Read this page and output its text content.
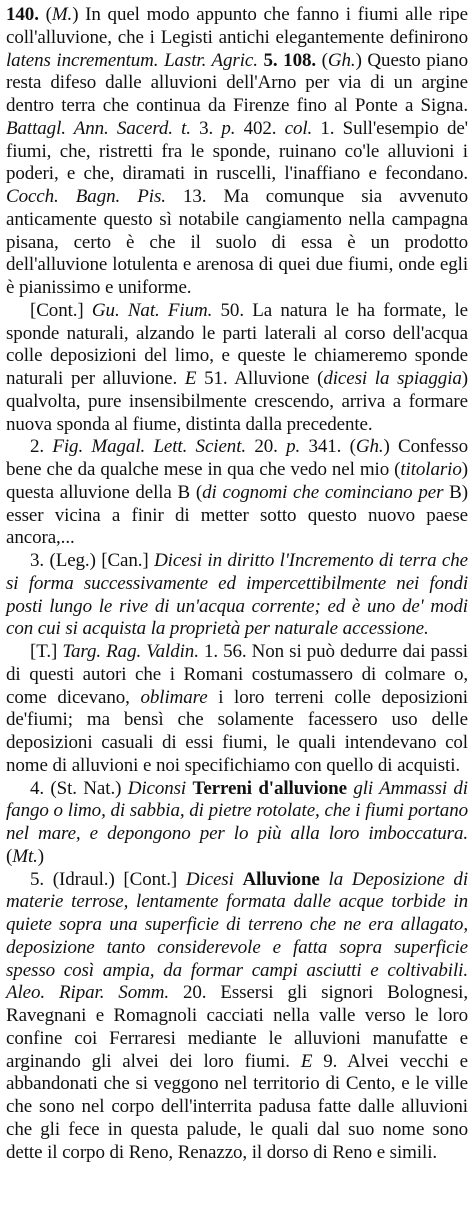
140. (M.) In quel modo appunto che fanno i fiumi alle ripe coll'alluvione, che i Legisti antichi elegantemente definirono latens incrementum. Lastr. Agric. 5. 108. (Gh.) Questo piano resta difeso dalle alluvioni dell'Arno per via di un argine dentro terra che continua da Firenze fino al Ponte a Signa. Battagl. Ann. Sacerd. t. 3. p. 402. col. 1. Sull'esempio de' fiumi, che, ristretti fra le sponde, ruinano co'le alluvioni i poderi, e che, diramati in ruscelli, l'inaffiano e fecondano. Cocch. Bagn. Pis. 13. Ma comunque sia avvenuto anticamente questo sì notabile cangiamento nella campagna pisana, certo è che il suolo di essa è un prodotto dell'alluvione lotulenta e arenosa di quei due fiumi, onde egli è pianissimo e uniforme.

[Cont.] Gu. Nat. Fium. 50. La natura le ha formate, le sponde naturali, alzando le parti laterali al corso dell'acqua colle deposizioni del limo, e queste le chiameremo sponde naturali per alluvione. E 51. Alluvione (dicesi la spiaggia) qualvolta, pure insensibilmente crescendo, arriva a formare nuova sponda al fiume, distinta dalla precedente.

2. Fig. Magal. Lett. Scient. 20. p. 341. (Gh.) Confesso bene che da qualche mese in qua che vedo nel mio (titolario) questa alluvione della B (di cognomi che cominciano per B) esser vicina a finir di metter sotto questo nuovo paese ancora,...

3. (Leg.) [Can.] Dicesi in diritto l'Incremento di terra che si forma successivamente ed impercettibilmente nei fondi posti lungo le rive di un'acqua corrente; ed è uno de' modi con cui si acquista la proprietà per naturale accessione.

[T.] Targ. Rag. Valdin. 1. 56. Non si può dedurre dai passi di questi autori che i Romani costumassero di colmare o, come dicevano, oblimare i loro terreni colle deposizioni de'fiumi; ma bensì che solamente facessero uso delle deposizioni casuali di essi fiumi, le quali intendevano col nome di alluvioni e noi specifichiamo con quello di acquisti.

4. (St. Nat.) Diconsi Terreni d'alluvione gli Ammassi di fango o limo, di sabbia, di pietre rotolate, che i fiumi portano nel mare, e depongono per lo più alla loro imboccatura. (Mt.)

5. (Idraul.) [Cont.] Dicesi Alluvione la Deposizione di materie terrose, lentamente formata dalle acque torbide in quiete sopra una superficie di terreno che ne era allagato, deposizione tanto considerevole e fatta sopra superficie spesso così ampia, da formar campi asciutti e coltivabili. Aleo. Ripar. Somm. 20. Essersi gli signori Bolognesi, Ravegnani e Romagnoli cacciati nella valle verso le loro confine coi Ferraresi mediante le alluvioni manufatte e arginando gli alvei dei loro fiumi. E 9. Alvei vecchi e abbandonati che si veggono nel territorio di Cento, e le ville che sono nel corpo dell'interrita padusa fatte dalle alluvioni che gli fece in questa palude, le quali dal suo nome sono dette il corpo di Reno, Renazzo, il dorso di Reno e simili.
